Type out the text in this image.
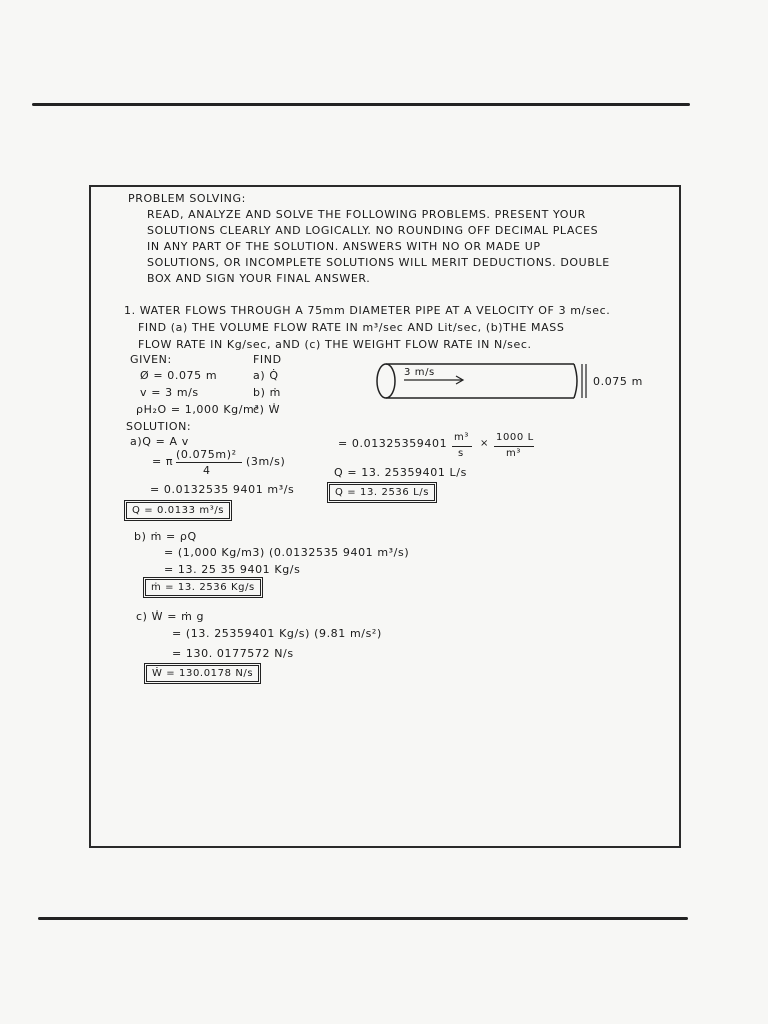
PROBLEM SOLVING:
READ, ANALYZE AND SOLVE THE FOLLOWING PROBLEMS. PRESENT YOUR
SOLUTIONS CLEARLY AND LOGICALLY. NO ROUNDING OFF DECIMAL PLACES
IN ANY PART OF THE SOLUTION. ANSWERS WITH NO OR MADE UP
SOLUTIONS, OR INCOMPLETE SOLUTIONS WILL MERIT DEDUCTIONS. DOUBLE
BOX AND SIGN YOUR FINAL ANSWER.
1. WATER FLOWS THROUGH A 75mm DIAMETER PIPE AT A VELOCITY OF 3 m/sec.
FIND (a) THE VOLUME FLOW RATE IN m³/sec AND Lit/sec, (b)THE MASS
FLOW RATE IN Kg/sec, aND (c) THE WEIGHT FLOW RATE IN N/sec.
GIVEN:	FIND
Ø = 0.075 m
v = 3 m/s
ρH₂O = 1,000 Kg/m³
a) Q̇
b) ṁ
c) Ẇ
3 m/s
0.075 m
SOLUTION:
a)Q = A v
= π
(0.075m)²
4
(3m/s)
= 0.0132535 9401 m³/s
Q = 0.0133 m³/s
= 0.01325359401 m³
s
×
1000 L
m³
Q = 13. 25359401 L/s
Q = 13. 2536 L/s
b) ṁ = ρQ
= (1,000 Kg/m3) (0.0132535 9401 m³/s)
= 13. 25 35 9401 Kg/s
ṁ = 13. 2536 Kg/s
c) Ẇ = ṁ g
= (13. 25359401 Kg/s) (9.81 m/s²)
= 130. 0177572 N/s
Ẇ = 130.0178 N/s
